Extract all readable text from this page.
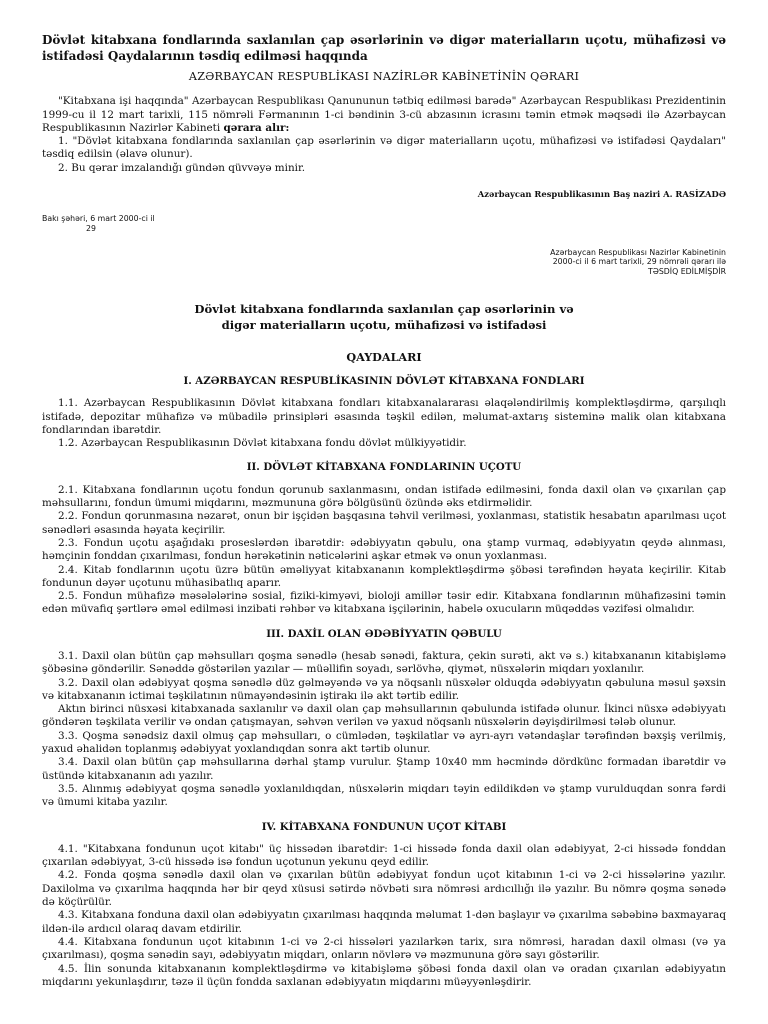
Dövlət kitabxana fondlarında saxlanılan çap əsərlərinin və digər materialların uçotu, mühafizəsi və istifadəsi Qaydalarının təsdiq edilməsi haqqında

AZƏRBAYCAN RESPUBLİKASI NAZİRLƏR KABİNETİNİN QƏRARI

"Kitabxana işi haqqında" Azərbaycan Respublikası Qanununun tətbiq edilməsi barədə" Azərbaycan Respublikası Prezidentinin 1999-cu il 12 mart tarixli, 115 nömrəli Fərmanının 1-ci bəndinin 3-cü abzasının icrasını təmin etmək məqsədi ilə Azərbaycan Respublikasının Nazirlər Kabineti qərara alır:

1. "Dövlət kitabxana fondlarında saxlanılan çap əsərlərinin və digər materialların uçotu, mühafizəsi və istifadəsi Qaydaları" təsdiq edilsin (əlavə olunur).

2. Bu qərar imzalandığı gündən qüvvəyə minir.

Azərbaycan Respublikasının Baş naziri A. RASİZADƏ

Bakı şəhəri, 6 mart 2000-ci il

29

Azərbaycan Respublikası Nazirlər Kabinetinin
2000-ci il 6 mart tarixli, 29 nömrəli qərarı ilə
TƏSDİQ EDİLMİŞDİR
Dövlət kitabxana fondlarında saxlanılan çap əsərlərinin və
digər materialların uçotu, mühafizəsi və istifadəsi

QAYDALARI

I. AZƏRBAYCAN RESPUBLİKASININ DÖVLƏT KİTABXANA FONDLARI

1.1. Azərbaycan Respublikasının Dövlət kitabxana fondları kitabxanalararası əlaqələndirilmiş komplektləşdirmə, qarşılıqlı istifadə, depozitar mühafizə və mübadilə prinsipləri əsasında təşkil edilən, məlumat-axtarış sisteminə malik olan kitabxana fondlarından ibarətdir.

1.2. Azərbaycan Respublikasının Dövlət kitabxana fondu dövlət mülkiyyətidir.

II. DÖVLƏT KİTABXANA FONDLARININ UÇOTU

2.1. Kitabxana fondlarının uçotu fondun qorunub saxlanmasını, ondan istifadə edilməsini, fonda daxil olan və çıxarılan çap məhsullarını, fondun ümumi miqdarını, məzmununa görə bölgüsünü özündə əks etdirməlidir.

2.2. Fondun qorunmasına nəzarət, onun bir işçidən başqasına təhvil verilməsi, yoxlanması, statistik hesabatın aparılması uçot sənədləri əsasında həyata keçirilir.

2.3. Fondun uçotu aşağıdakı proseslərdən ibarətdir: ədəbiyyatın qəbulu, ona ştamp vurmaq, ədəbiyyatın qeydə alınması, həmçinin fonddan çıxarılması, fondun hərəkətinin nəticələrini aşkar etmək və onun yoxlanması.

2.4. Kitab fondlarının uçotu üzrə bütün əməliyyat kitabxananın komplektləşdirmə şöbəsi tərəfindən həyata keçirilir. Kitab fondunun dəyər uçotunu mühasibatlıq aparır.

2.5. Fondun mühafizə məsələlərinə sosial, fiziki-kimyəvi, bioloji amillər təsir edir. Kitabxana fondlarının mühafizəsini təmin edən müvafiq şərtlərə əməl edilməsi inzibati rəhbər və kitabxana işçilərinin, habelə oxucuların müqəddəs vəzifəsi olmalıdır.

III. DAXİL OLAN ƏDƏBİYYATIN QƏBULU

3.1. Daxil olan bütün çap məhsulları qoşma sənədlə (hesab sənədi, faktura, çekin surəti, akt və s.) kitabxananın kitabişləmə şöbəsinə göndərilir. Sənəddə göstərilən yazılar — müəllifin soyadı, sərlövhə, qiymət, nüsxələrin miqdarı yoxlanılır.

3.2. Daxil olan ədəbiyyat qoşma sənədlə düz gəlməyəndə və ya nöqsanlı nüsxələr olduqda ədəbiyyatın qəbuluna məsul şəxsin və kitabxananın ictimai təşkilatının nümayəndəsinin iştirakı ilə akt tərtib edilir.

Aktın birinci nüsxəsi kitabxanada saxlanılır və daxil olan çap məhsullarının qəbulunda istifadə olunur. İkinci nüsxə ədəbiyyatı göndərən təşkilata verilir və ondan çatışmayan, səhvən verilən və yaxud nöqsanlı nüsxələrin dəyişdirilməsi tələb olunur.

3.3. Qoşma sənədsiz daxil olmuş çap məhsulları, o cümlədən, təşkilatlar və ayrı-ayrı vətəndaşlar tərəfindən bəxşiş verilmiş, yaxud əhalidən toplanmış ədəbiyyat yoxlandıqdan sonra akt tərtib olunur.

3.4. Daxil olan bütün çap məhsullarına dərhal ştamp vurulur. Ştamp 10x40 mm həcmində dördkünc formadan ibarətdir və üstündə kitabxananın adı yazılır.

3.5. Alınmış ədəbiyyat qoşma sənədlə yoxlanıldıqdan, nüsxələrin miqdarı təyin edildikdən və ştamp vurulduqdan sonra fərdi və ümumi kitaba yazılır.

IV. KİTABXANA FONDUNUN UÇOT KİTABI

4.1. "Kitabxana fondunun uçot kitabı" üç hissədən ibarətdir: 1-ci hissədə fonda daxil olan ədəbiyyat, 2-ci hissədə fonddan çıxarılan ədəbiyyat, 3-cü hissədə isə fondun uçotunun yekunu qeyd edilir.

4.2. Fonda qoşma sənədlə daxil olan və çıxarılan bütün ədəbiyyat fondun uçot kitabının 1-ci və 2-ci hissələrinə yazılır. Daxilolma və çıxarılma haqqında hər bir qeyd xüsusi sətirdə növbəti sıra nömrəsi ardıcıllığı ilə yazılır. Bu nömrə qoşma sənədə də köçürülür.

4.3. Kitabxana fonduna daxil olan ədəbiyyatın çıxarılması haqqında məlumat 1-dən başlayır və çıxarılma səbəbinə baxmayaraq ildən-ilə ardıcıl olaraq davam etdirilir.

4.4. Kitabxana fondunun uçot kitabının 1-ci və 2-ci hissələri yazılarkən tarix, sıra nömrəsi, haradan daxil olması (və ya çıxarılması), qoşma sənədin sayı, ədəbiyyatın miqdarı, onların növlərə və məzmununa görə sayı göstərilir.

4.5. İlin sonunda kitabxananın komplektləşdirmə və kitabişləmə şöbəsi fonda daxil olan və oradan çıxarılan ədəbiyyatın miqdarını yekunlaşdırır, təzə il üçün fondda saxlanan ədəbiyyatın miqdarını müəyyənləşdirir.
